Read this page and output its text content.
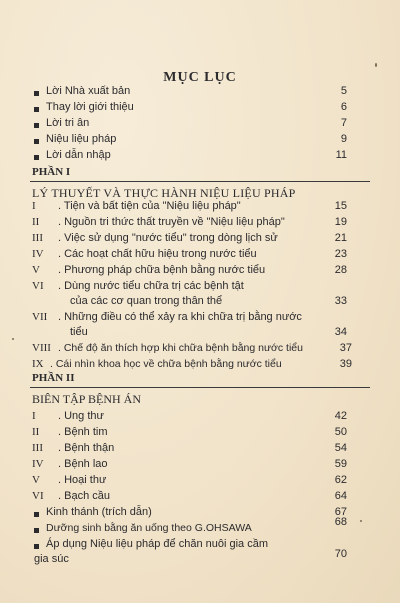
MỤC LỤC
Lời Nhà xuất bản	5
Thay lời giới thiệu	6
Lời tri ân	7
Niệu liệu pháp	9
Lời dẫn nhập	11
PHẦN I
LÝ THUYẾT VÀ THỰC HÀNH NIỆU LIỆU PHÁP
I . Tiện và bất tiện của "Niệu liệu pháp"	15
II . Nguồn tri thức thất truyền về "Niệu liệu pháp"	19
III . Việc sử dụng "nước tiểu" trong dòng lịch sử	21
IV . Các hoạt chất hữu hiệu trong nước tiểu	23
V . Phương pháp chữa bệnh bằng nước tiểu	28
VI . Dùng nước tiểu chữa trị các bệnh tật
của các cơ quan trong thân thể	33
VII . Những điều có thể xảy ra khi chữa trị bằng nước
tiểu	34
VIII . Chế độ ăn thích hợp khi chữa bệnh bằng nước tiểu	37
IX . Cái nhìn khoa học về chữa bệnh bằng nước tiểu	39
PHẦN II
BIÊN TẬP BỆNH ÁN
I . Ung thư	42
II . Bệnh tim	50
III . Bệnh thận	54
IV . Bệnh lao	59
V . Hoại thư	62
VI . Bạch cầu	64
Kinh thánh (trích dẫn)	67
Dưỡng sinh bằng ăn uống theo G.OHSAWA	68
Áp dụng Niệu liệu pháp để chăn nuôi gia cầm
gia súc	70
